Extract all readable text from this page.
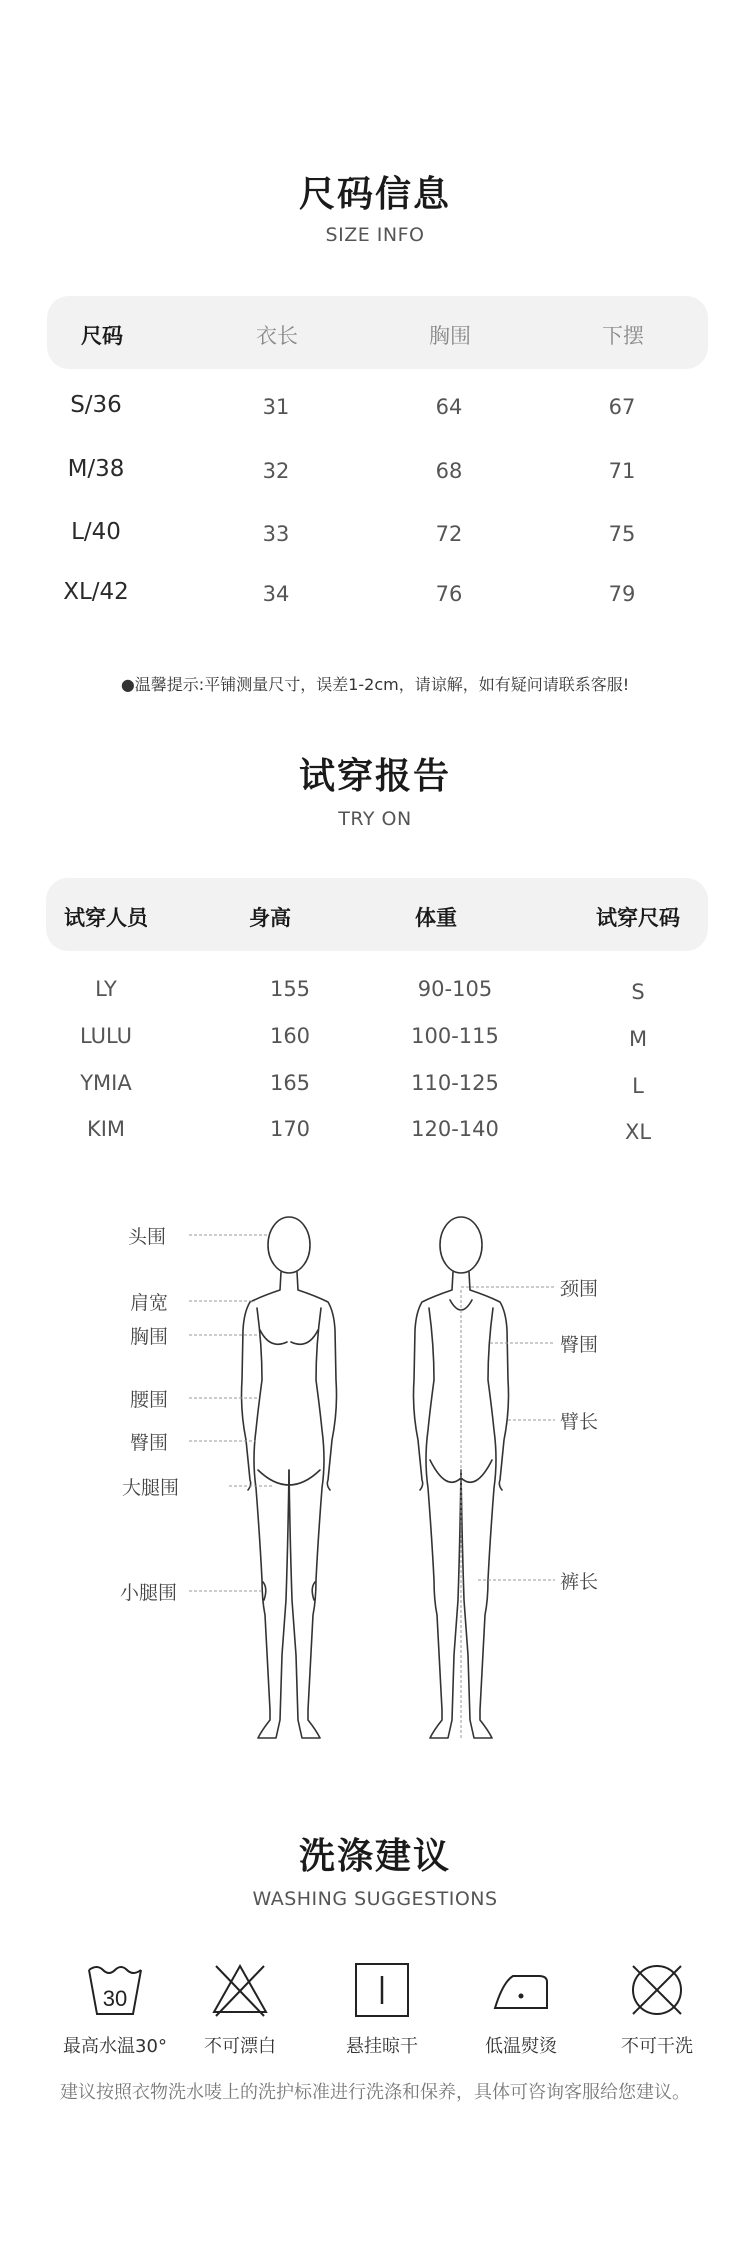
尺码信息
SIZE INFO
尺码	衣长	胸围	下摆
S/36	31	64	67
M/38	32	68	71
L/40	33	72	75
XL/42	34	76	79
●温馨提示:平铺测量尺寸，误差1-2cm，请谅解，如有疑问请联系客服!
试穿报告
TRY ON
试穿人员	身高	体重	试穿尺码
LY	155	90-105	S
LULU	160	100-115	M
YMIA	165	110-125	L
KIM	170	120-140	XL
头围
肩宽
胸围
腰围
臀围
大腿围
小腿围
颈围
臀围
臂长
裤长
洗涤建议
WASHING SUGGESTIONS
30
最高水温30°	不可漂白	悬挂晾干	低温熨烫	不可干洗
建议按照衣物洗水唛上的洗护标准进行洗涤和保养，具体可咨询客服给您建议。
